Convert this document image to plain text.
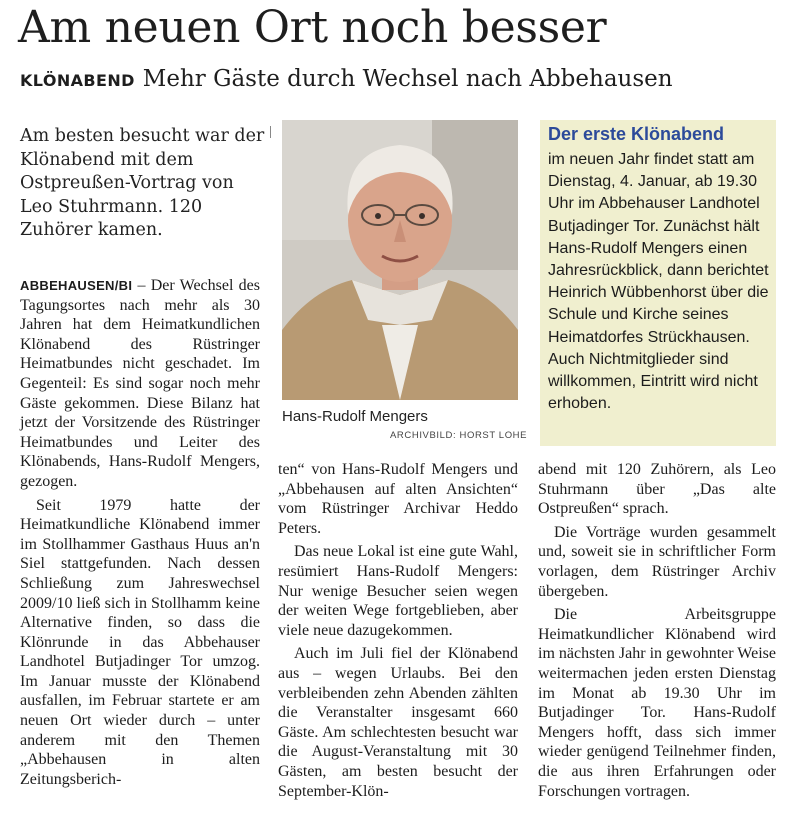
Am neuen Ort noch besser
KLÖNABEND Mehr Gäste durch Wechsel nach Abbehausen
Am besten besucht war der Klönabend mit dem Ostpreußen-Vortrag von Leo Stuhrmann. 120 Zuhörer kamen.

ABBEHAUSEN/BI – Der Wechsel des Tagungsortes nach mehr als 30 Jahren hat dem Heimatkundlichen Klönabend des Rüstringer Heimatbundes nicht geschadet. Im Gegenteil: Es sind sogar noch mehr Gäste gekommen. Diese Bilanz hat jetzt der Vorsitzende des Rüstringer Heimatbundes und Leiter des Klönabends, Hans-Rudolf Mengers, gezogen.

Seit 1979 hatte der Heimatkundliche Klönabend immer im Stollhammer Gasthaus Huus an'n Siel stattgefunden. Nach dessen Schließung zum Jahreswechsel 2009/10 ließ sich in Stollhamm keine Alternative finden, so dass die Klönrunde in das Abbehauser Landhotel Butjadinger Tor umzog. Im Januar musste der Klönabend ausfallen, im Februar startete er am neuen Ort wieder durch – unter anderem mit den Themen „Abbehausen in alten Zeitungsberich-

Hans-Rudolf Mengers
ARCHIVBILD: HORST LOHE
Der erste Klönabend
im neuen Jahr findet statt am Dienstag, 4. Januar, ab 19.30 Uhr im Abbehauser Landhotel Butjadinger Tor. Zunächst hält Hans-Rudolf Mengers einen Jahresrückblick, dann berichtet Heinrich Wübbenhorst über die Schule und Kirche seines Heimatdorfes Strückhausen. Auch Nichtmitglieder sind willkommen, Eintritt wird nicht erhoben.

ten“ von Hans-Rudolf Mengers und „Abbehausen auf alten Ansichten“ vom Rüstringer Archivar Heddo Peters.

Das neue Lokal ist eine gute Wahl, resümiert Hans-Rudolf Mengers: Nur wenige Besucher seien wegen der weiten Wege fortgeblieben, aber viele neue dazugekommen.

Auch im Juli fiel der Klönabend aus – wegen Urlaubs. Bei den verbleibenden zehn Abenden zählten die Veranstalter insgesamt 660 Gäste. Am schlechtesten besucht war die August-Veranstaltung mit 30 Gästen, am besten besucht der September-Klön-

abend mit 120 Zuhörern, als Leo Stuhrmann über „Das alte Ostpreußen“ sprach.

Die Vorträge wurden gesammelt und, soweit sie in schriftlicher Form vorlagen, dem Rüstringer Archiv übergeben.

Die Arbeitsgruppe Heimatkundlicher Klönabend wird im nächsten Jahr in gewohnter Weise weitermachen jeden ersten Dienstag im Monat ab 19.30 Uhr im Butjadinger Tor. Hans-Rudolf Mengers hofft, dass sich immer wieder genügend Teilnehmer finden, die aus ihren Erfahrungen oder Forschungen vortragen.
